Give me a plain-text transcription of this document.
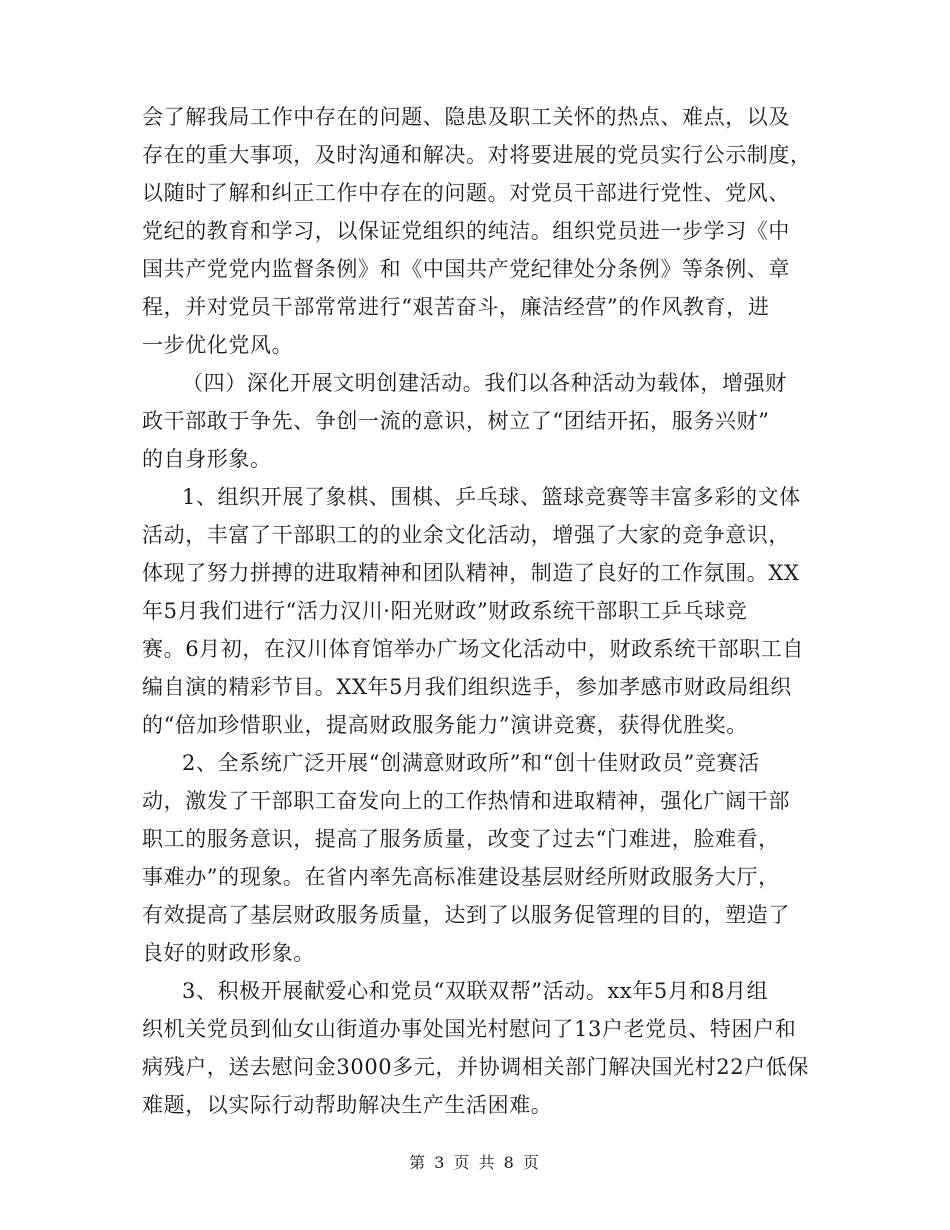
会了解我局工作中存在的问题、隐患及职工关怀的热点、难点，以及
存在的重大事项，及时沟通和解决。对将要进展的党员实行公示制度，
以随时了解和纠正工作中存在的问题。对党员干部进行党性、党风、
党纪的教育和学习，以保证党组织的纯洁。组织党员进一步学习《中
国共产党党内监督条例》和《中国共产党纪律处分条例》等条例、章
程，并对党员干部常常进行“艰苦奋斗，廉洁经营”的作风教育，进
一步优化党风。
（四）深化开展文明创建活动。我们以各种活动为载体，增强财
政干部敢于争先、争创一流的意识，树立了“团结开拓，服务兴财”
的自身形象。
1、组织开展了象棋、围棋、乒乓球、篮球竞赛等丰富多彩的文体
活动，丰富了干部职工的的业余文化活动，增强了大家的竞争意识，
体现了努力拼搏的进取精神和团队精神，制造了良好的工作氛围。XX
年5月我们进行“活力汉川·阳光财政”财政系统干部职工乒乓球竞
赛。6月初，在汉川体育馆举办广场文化活动中，财政系统干部职工自
编自演的精彩节目。XX年5月我们组织选手，参加孝感市财政局组织
的“倍加珍惜职业，提高财政服务能力”演讲竞赛，获得优胜奖。
2、全系统广泛开展“创满意财政所”和“创十佳财政员”竞赛活
动，激发了干部职工奋发向上的工作热情和进取精神，强化广阔干部
职工的服务意识，提高了服务质量，改变了过去“门难进，脸难看，
事难办”的现象。在省内率先高标准建设基层财经所财政服务大厅，
有效提高了基层财政服务质量，达到了以服务促管理的目的，塑造了
良好的财政形象。
3、积极开展献爱心和党员“双联双帮”活动。xx年5月和8月组
织机关党员到仙女山街道办事处国光村慰问了13户老党员、特困户和
病残户，送去慰问金3000多元，并协调相关部门解决国光村22户低保
难题，以实际行动帮助解决生产生活困难。
第 3 页 共 8 页
